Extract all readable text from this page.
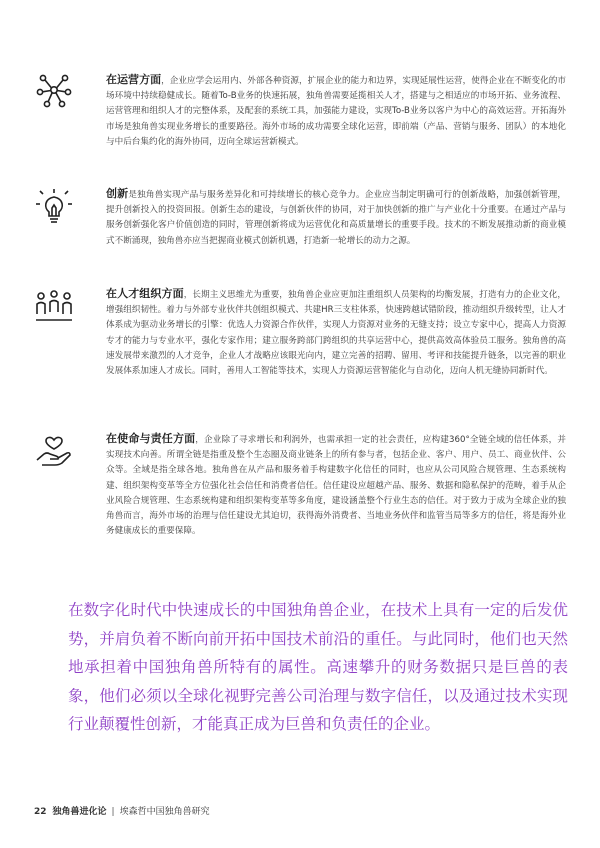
在运营方面，企业应学会运用内、外部各种资源，扩展企业的能力和边界，实现延展性运营，使得企业在不断变化的市场环境中持续稳健成长。随着To-B业务的快速拓展，独角兽需要延揽相关人才，搭建与之相适应的市场开拓、业务流程、运营管理和组织人才的完整体系，及配套的系统工具，加强能力建设，实现To-B业务以客户为中心的高效运营。开拓海外市场是独角兽实现业务增长的重要路径。海外市场的成功需要全球化运营，即前端（产品、营销与服务、团队）的本地化与中后台集约化的海外协同，迈向全球运营新模式。
创新是独角兽实现产品与服务差异化和可持续增长的核心竞争力。企业应当制定明确可行的创新战略，加强创新管理，提升创新投入的投资回报。创新生态的建设，与创新伙伴的协同，对于加快创新的推广与产业化十分重要。在通过产品与服务创新强化客户价值创造的同时，管理创新将成为运营优化和高质量增长的重要手段。技术的不断发展推动新的商业模式不断涌现，独角兽亦应当把握商业模式创新机遇，打造新一轮增长的动力之源。
在人才组织方面，长期主义思维尤为重要，独角兽企业应更加注重组织人员架构的均衡发展，打造有力的企业文化，增强组织韧性。着力与外部专业伙伴共创组织模式、共建HR三支柱体系，快速跨越试错阶段，推动组织升级转型，让人才体系成为驱动业务增长的引擎：优选人力资源合作伙伴，实现人力资源对业务的无缝支持；设立专家中心，提高人力资源专才的能力与专业水平，强化专家作用；建立服务跨部门跨组织的共享运营中心，提供高效高体验员工服务。独角兽的高速发展带来激烈的人才竞争，企业人才战略应该眼光向内，建立完善的招聘、留用、考评和技能提升链条，以完善的职业发展体系加速人才成长。同时，善用人工智能等技术，实现人力资源运营智能化与自动化，迈向人机无缝协同新时代。
在使命与责任方面，企业除了寻求增长和利润外，也需承担一定的社会责任，应构建360°全链全域的信任体系，并实现技术向善。所谓全链是指重及整个生态圈及商业链条上的所有参与者，包括企业、客户、用户、员工、商业伙伴、公众等。全域是指全球各地。独角兽在从产品和服务着手构建数字化信任的同时，也应从公司风险合规管理、生态系统构建、组织架构变革等全方位强化社会信任和消费者信任。信任建设应超越产品、服务、数据和隐私保护的范畴，着手从企业风险合规管理、生态系统构建和组织架构变革等多角度，建设涵盖整个行业生态的信任。对于致力于成为全球企业的独角兽而言，海外市场的治理与信任建设尤其迫切，获得海外消费者、当地业务伙伴和监管当局等多方的信任，将是海外业务健康成长的重要保障。
在数字化时代中快速成长的中国独角兽企业，在技术上具有一定的后发优势，并肩负着不断向前开拓中国技术前沿的重任。与此同时，他们也天然地承担着中国独角兽所特有的属性。高速攀升的财务数据只是巨兽的表象，他们必须以全球化视野完善公司治理与数字信任，以及通过技术实现行业颠覆性创新，才能真正成为巨兽和负责任的企业。
22 独角兽进化论 | 埃森哲中国独角兽研究
